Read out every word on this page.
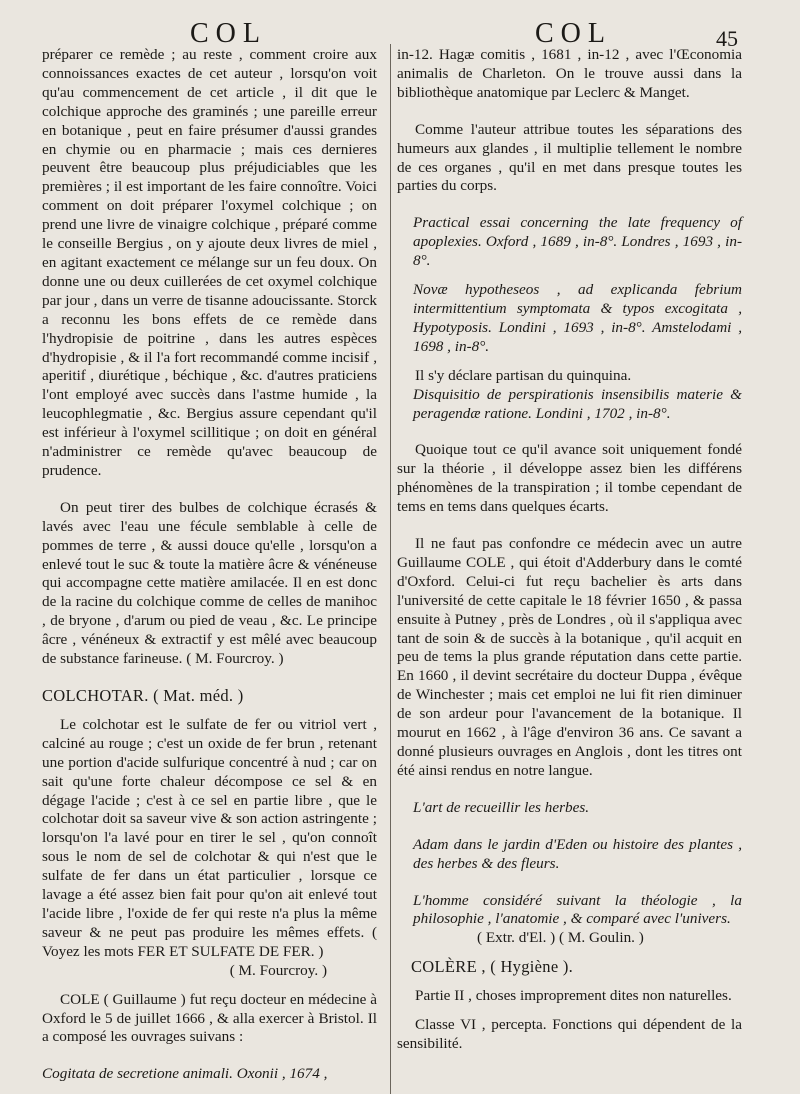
COL	COL	45

préparer ce remède ; au reste , comment croire aux connoissances exactes de cet auteur , lorsqu'on voit qu'au commencement de cet article , il dit que le colchique approche des graminés ; une pareille erreur en botanique , peut en faire présumer d'aussi grandes en chymie ou en pharmacie ; mais ces dernieres peuvent être beaucoup plus préjudiciables que les premières ; il est important de les faire connoître. Voici comment on doit préparer l'oxymel colchique ; on prend une livre de vinaigre colchique , préparé comme le conseille Bergius , on y ajoute deux livres de miel , en agitant exactement ce mélange sur un feu doux. On donne une ou deux cuillerées de cet oxymel colchique par jour , dans un verre de tisanne adoucissante. Storck a reconnu les bons effets de ce remède dans l'hydropisie de poitrine , dans les autres espèces d'hydropisie , & il l'a fort recommandé comme incisif , aperitif , diurétique , béchique , &c. d'autres praticiens l'ont employé avec succès dans l'astme humide , la leucophlegmatie , &c. Bergius assure cependant qu'il est inférieur à l'oxymel scillitique ; on doit en général n'administrer ce remède qu'avec beaucoup de prudence.

On peut tirer des bulbes de colchique écrasés & lavés avec l'eau une fécule semblable à celle de pommes de terre , & aussi douce qu'elle , lorsqu'on a enlevé tout le suc & toute la matière âcre & vénéneuse qui accompagne cette matière amilacée. Il en est donc de la racine du colchique comme de celles de manihoc , de bryone , d'arum ou pied de veau , &c. Le principe âcre , vénéneux & extractif y est mêlé avec beaucoup de substance farineuse. ( M. Fourcroy. )

COLCHOTAR. ( Mat. méd. )

Le colchotar est le sulfate de fer ou vitriol vert , calciné au rouge ; c'est un oxide de fer brun , retenant une portion d'acide sulfurique concentré à nud ; car on sait qu'une forte chaleur décompose ce sel & en dégage l'acide ; c'est à ce sel en partie libre , que le colchotar doit sa saveur vive & son action astringente ; lorsqu'on l'a lavé pour en tirer le sel , qu'on connoît sous le nom de sel de colchotar & qui n'est que le sulfate de fer dans un état particulier , lorsque ce lavage a été assez bien fait pour qu'on ait enlevé tout l'acide libre , l'oxide de fer qui reste n'a plus la même saveur & ne peut pas produire les mêmes effets. ( Voyez les mots FER ET SULFATE DE FER. )

( M. Fourcroy. )

COLE ( Guillaume ) fut reçu docteur en médecine à Oxford le 5 de juillet 1666 , & alla exercer à Bristol. Il a composé les ouvrages suivans :

Cogitata de secretione animali. Oxonii , 1674 ,

in-12. Hagæ comitis , 1681 , in-12 , avec l'Œconomia animalis de Charleton. On le trouve aussi dans la bibliothèque anatomique par Leclerc & Manget.

Comme l'auteur attribue toutes les séparations des humeurs aux glandes , il multiplie tellement le nombre de ces organes , qu'il en met dans presque toutes les parties du corps.

Practical essai concerning the late frequency of apoplexies. Oxford , 1689 , in-8°. Londres , 1693 , in-8°.

Novæ hypotheseos , ad explicanda febrium intermittentium symptomata & typos excogitata , Hypotyposis. Londini , 1693 , in-8°. Amstelodami , 1698 , in-8°.

Il s'y déclare partisan du quinquina.

Disquisitio de perspirationis insensibilis materie & peragendæ ratione. Londini , 1702 , in-8°.

Quoique tout ce qu'il avance soit uniquement fondé sur la théorie , il développe assez bien les différens phénomènes de la transpiration ; il tombe cependant de tems en tems dans quelques écarts.

Il ne faut pas confondre ce médecin avec un autre Guillaume COLE , qui étoit d'Adderbury dans le comté d'Oxford. Celui-ci fut reçu bachelier ès arts dans l'université de cette capitale le 18 février 1650 , & passa ensuite à Putney , près de Londres , où il s'appliqua avec tant de soin & de succès à la botanique , qu'il acquit en peu de tems la plus grande réputation dans cette partie. En 1660 , il devint secrétaire du docteur Duppa , évêque de Winchester ; mais cet emploi ne lui fit rien diminuer de son ardeur pour l'avancement de la botanique. Il mourut en 1662 , à l'âge d'environ 36 ans. Ce savant a donné plusieurs ouvrages en Anglois , dont les titres ont été ainsi rendus en notre langue.

L'art de recueillir les herbes.

Adam dans le jardin d'Eden ou histoire des plantes , des herbes & des fleurs.

L'homme considéré suivant la théologie , la philosophie , l'anatomie , & comparé avec l'univers.

( Extr. d'El. ) ( M. Goulin. )

COLÈRE , ( Hygiène ).

Partie II , choses improprement dites non naturelles.

Classe VI , percepta. Fonctions qui dépendent de la sensibilité.
